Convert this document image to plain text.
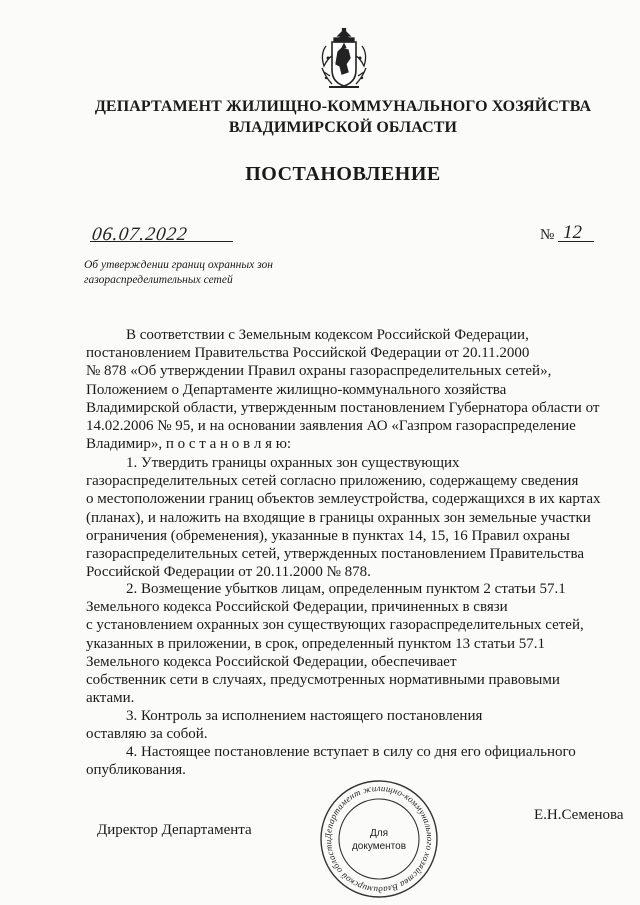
ДЕПАРТАМЕНТ ЖИЛИЩНО-КОММУНАЛЬНОГО ХОЗЯЙСТВА
ВЛАДИМИРСКОЙ ОБЛАСТИ
ПОСТАНОВЛЕНИЕ
06.07.2022	№ 12
Об утверждении границ охранных зон
газораспределительных сетей
В соответствии с Земельным кодексом Российской Федерации,
постановлением Правительства Российской Федерации от 20.11.2000
№ 878 «Об утверждении Правил охраны газораспределительных сетей»,
Положением о Департаменте жилищно-коммунального хозяйства
Владимирской области, утвержденным постановлением Губернатора области от
14.02.2006 № 95, и на основании заявления АО «Газпром газораспределение
Владимир», п о с т а н о в л я ю:
1. Утвердить границы охранных зон существующих
газораспределительных сетей согласно приложению, содержащему сведения
о местоположении границ объектов землеустройства, содержащихся в их картах
(планах), и наложить на входящие в границы охранных зон земельные участки
ограничения (обременения), указанные в пунктах 14, 15, 16 Правил охраны
газораспределительных сетей, утвержденных постановлением Правительства
Российской Федерации от 20.11.2000 № 878.
2. Возмещение убытков лицам, определенным пунктом 2 статьи 57.1
Земельного кодекса Российской Федерации, причиненных в связи
с установлением охранных зон существующих газораспределительных сетей,
указанных в приложении, в срок, определенный пунктом 13 статьи 57.1
Земельного кодекса Российской Федерации, обеспечивает
собственник сети в случаях, предусмотренных нормативными правовыми
актами.
3. Контроль за исполнением настоящего постановления
оставляю за собой.
4. Настоящее постановление вступает в силу со дня его официального
опубликования.
Департамент жилищно-коммунального хозяйства Владимирской области
Для
документов
Директор Департамента
Е.Н.Семенова
